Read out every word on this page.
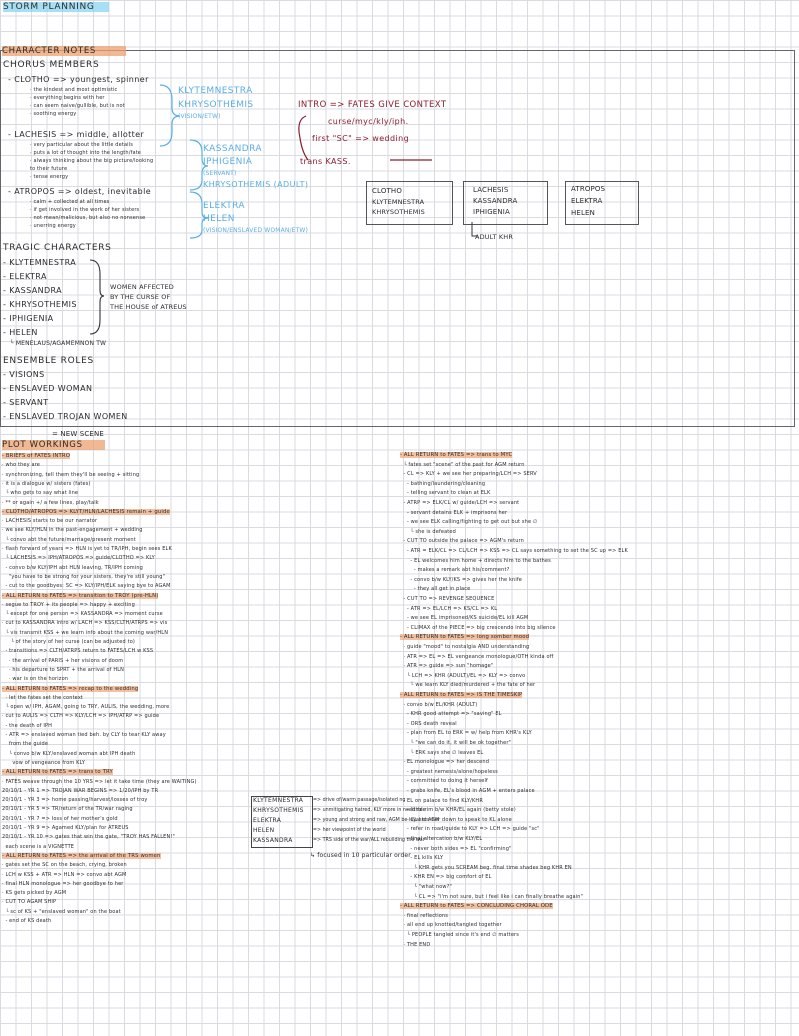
STORM PLANNING
CHARACTER NOTES
CHORUS MEMBERS
- CLOTHO => youngest, spinner
· the kindest and most optimistic
· everything begins with her
· can seem naive/gullible, but is not
· soothing energy
- LACHESIS => middle, allotter
· very particular about the little details
· puts a lot of thought into the length/fate
· always thinking about the big picture/looking
to their future
· tense energy
- ATROPOS => oldest, inevitable
· calm + collected at all times
· if get involved in the work of her sisters
· not mean/malicious, but also no nonsense
· unerring energy
KLYTEMNESTRA
KHRYSOTHEMIS
(VISION/ETW)
KASSANDRA
IPHIGENIA
(SERVANT)
KHRYSOTHEMIS (ADULT)
ELEKTRA
HELEN
(VISION/ENSLAVED WOMAN/ETW)
INTRO => FATES GIVE CONTEXT
curse/myc/kly/iph.
first "SC" => wedding
trans KASS.
CLOTHO
KLYTEMNESTRA
KHRYSOTHEMIS
LACHESIS
KASSANDRA
IPHIGENIA
ATROPOS
ELEKTRA
HELEN
ADULT KHR
TRAGIC CHARACTERS
- KLYTEMNESTRA
- ELEKTRA
- KASSANDRA
- KHRYSOTHEMIS
- IPHIGENIA
- HELEN
└ MENELAUS/AGAMEMNON TW
WOMEN AFFECTED
BY THE CURSE OF
THE HOUSE of ATREUS
ENSEMBLE ROLES
- VISIONS
- ENSLAVED WOMAN
- SERVANT
- ENSLAVED TROJAN WOMEN
= NEW SCENE
PLOT WORKINGS
- BRIEFS of FATES INTRO
· who they are
· synchronizing, tell them they'll be seeing + sitting
· it is a dialogue w/ sisters (fates)
└ who gets to say what line
· ** or again +/ a few lines, play/talk
- CLOTHO/ATROPOS => KLYT/HLN/LACHESIS remain + guide
· LACHESIS starts to be our narrator
· we see KLY/HLN in the past-engagement + wedding
└ convo abt the future/marriage/present moment
· flash forward of years => HLN is yet to TR/IPH, begin sees ELK
└ LACHESIS => IPH/ATROPOS => guide/CLOTHO => KLY
- convo b/w KLY/IPH abt HLN leaving, TR/IPH coming
"you have to be strong for your sisters, they're still young"
- cut to the goodbyes: SC => KLY/IPH/ELK saying bye to AGAM
- ALL RETURN to FATES => transition to TROY (pre-HLN)
· segue to TROY + its people => happy + exciting
└ except for one person => KASSANDRA => moment curse
· cut to KASSANDRA intro w/ LACH => KSS/CLTH/ATRPS => vis
└ vis transmit KSS + we learn info about the coming war/HLN
└ of the story of her curse (can be adjusted to)
- transitions => CLTH/ATRPS return to FATES/LCH w KSS
· the arrival of PARIS + her visions of doom
· his departure to SPRT + the arrival of HLN
· war is on the horizon
- ALL RETURN to FATES => recap to the wedding
· let the fates set the context
└ open w/ IPH, AGAM, going to TRY, AULIS, the wedding, more
· cut to AULIS => CLTH => KLY/LCH => IPH/ATRP => guide
- the death of IPH
- ATR => enslaved woman tied beh. by CLY to tear KLY away
from the guide
└ convo b/w KLY/enslaved woman abt IPH death
vow of vengeance from KLY
- ALL RETURN to FATES => trans to TRY
· FATES weave through the 10 YRS => let it take time (they are WAITING)
20/10/1 - YR 1 => TROJAN WAR BEGINS => 1/20/IPH by TR
20/10/1 - YR 3 => home passing/harvest/losses of troy
20/10/1 - YR 5 => TR/return of the TR/war raging
20/10/1 - YR 7 => loss of her mother's gold
20/10/1 - YR 9 => Agamed KLY/plan for ATREUS
20/10/1 - YR 10 => gates that win the gate, "TROY HAS FALLEN!"
each scene is a VIGNETTE
- ALL RETURN to FATES => the arrival of the TRS women
· gates set the SC on the beach, crying, broken
· LCH w KSS + ATR => HLN => convo abt AGM
· final HLN monologue => her goodbye to her
· KS gets picked by AGM
· CUT TO AGAM SHIP
└ sc of KS + "enslaved woman" on the boat
- end of KS death
- ALL RETURN to FATES => trans to MYC
└ fates set "scene" of the past for AGM return
- CL => KLY + we see her preparing/LCH => SERV
- bathing/laundering/cleaning
- telling servant to clean at ELK
- ATRP => ELK/CL w/ guide/LCH => servant
- servant detains ELK + imprisons her
- we see ELK calling/fighting to get out but she ∅
└ she is defeated
- CUT TO outside the palace => AGM's return
- ATR = ELK/CL => CL/LCH => KSS => CL says something to set the SC up => ELK
- EL welcomes him home + directs him to the bathes
- makes a remark abt his/comment?
- convo b/w KLY/KS => gives her the knife
- they all get in place
- CUT TO => REVENGE SEQUENCE
- ATR => EL/LCH => KS/CL => KL
- we see EL imprisoned/KS suicide/EL kill AGM
- CLIMAX of the PIECE => big crescendo into big silence
- ALL RETURN to FATES => long somber mood
· guide "mood" to nostalgia AND understanding
· ATR => EL => EL vengeance monologue/OTH kinda off
· ATR => guide => sun "homage"
└ LCH => KHR (ADULT)/EL => KLY => convo
└ we learn KLY died/murdered + the fate of her
- ALL RETURN to FATES => IS THE TIMESKIP
· convo b/w EL/KHR (ADULT)
- KHR good attempt => "saving" EL
- ORS death reveal
- plan from EL to ERK = w/ help from KHR's KLY
└ "we can do it, it will be ok together"
└ ERK says she ∅ leaves EL
· EL monologue => her descend
- greatest nemesis/alone/hopeless
- committed to doing it herself
- grabs knife, EL's blood in AGM + enters palace
· EL on palace to find KLY/KHR
- little rim b/w KHR/EL again (betty stole)
- CL sets her down to speak to KL alone
- refer in road/guide to KLY => LCH => guide "sc"
- final altercation b/w KLY/EL
- never both sides => EL "confirming"
- EL kills KLY
└ KHR gets you SCREAM beg. final time shades beg KHR EN
- KHR EN => big comfort of EL
└ "what now?"
└ CL => "i'm not sure, but i feel like i can finally breathe again"
- ALL RETURN to FATES => CONCLUDING CHORAL ODE
· final reflections
· all end up knotted/tangled together
└ PEOPLE tangled since it's end ∅ matters
· THE END
KLYTEMNESTRA
KHRYSOTHEMIS
ELEKTRA
HELEN
KASSANDRA
=> drive of/warm passage/isolated ng
=> unmitigating hatred, KLY more in need role
=> young and strong and raw, AGM be loyal to AGM
=> her viewpoint of the world
=> TRS side of the war/ALL rebuilding the war
↳ focused in 10 particular order
